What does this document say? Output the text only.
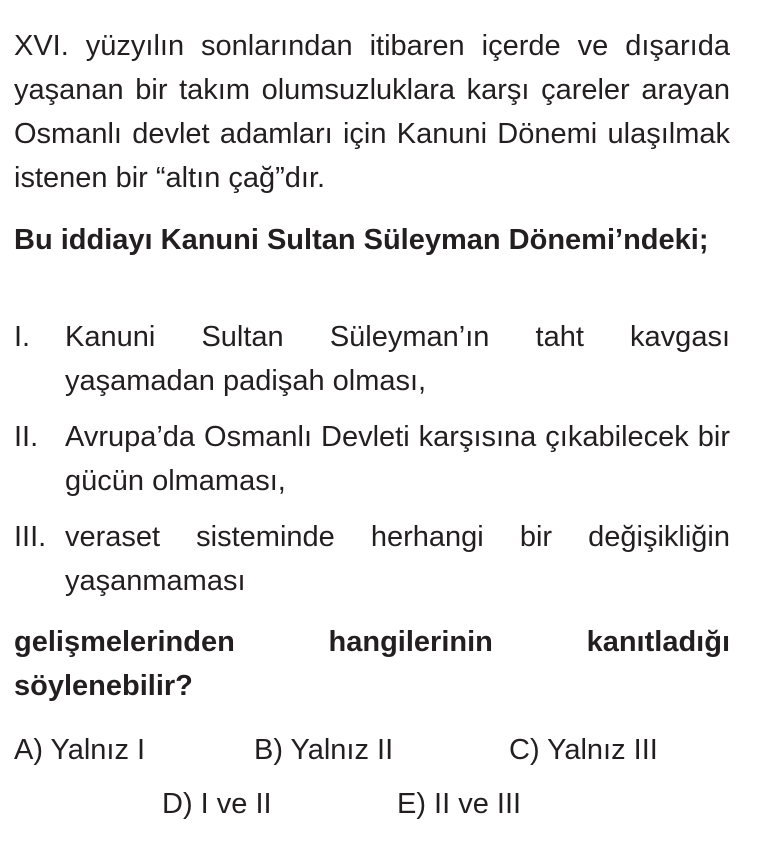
XVI. yüzyılın sonlarından itibaren içerde ve dışarıda yaşanan bir takım olumsuzluklara karşı çareler arayan Osmanlı devlet adamları için Kanuni Dönemi ulaşılmak istenen bir “altın çağ”dır.

Bu iddiayı Kanuni Sultan Süleyman Dönemi’ndeki;

I. Kanuni Sultan Süleyman’ın taht kavgası yaşamadan padişah olması,
II. Avrupa’da Osmanlı Devleti karşısına çıkabilecek bir gücün olmaması,
III. veraset sisteminde herhangi bir değişikliğin yaşanmaması

gelişmelerinden hangilerinin kanıtladığı söylenebilir?

A) Yalnız I	B) Yalnız II	C) Yalnız III
D) I ve II	E) II ve III
